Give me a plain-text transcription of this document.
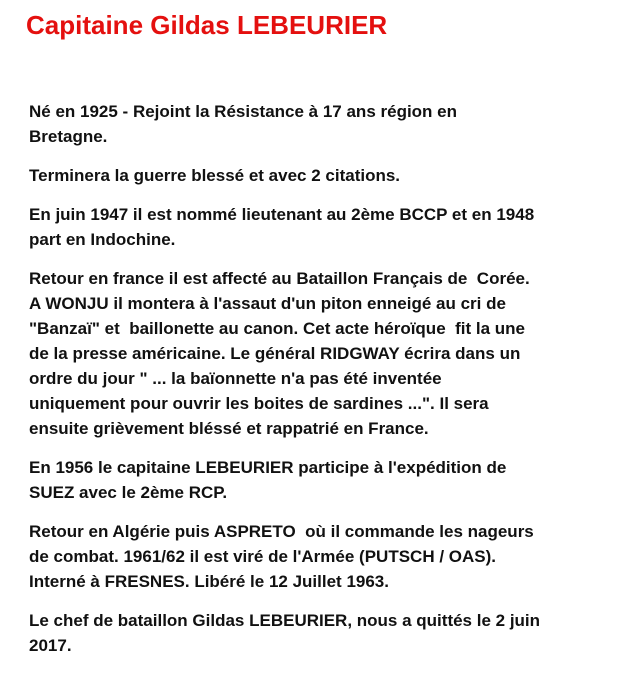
Capitaine Gildas LEBEURIER

Né en 1925 - Rejoint la Résistance à 17 ans région en
Bretagne.

Terminera la guerre blessé et avec 2 citations.

En juin 1947 il est nommé lieutenant au 2ème BCCP et en 1948
part en Indochine.

Retour en france il est affecté au Bataillon Français de  Corée.
A WONJU il montera à l'assaut d'un piton enneigé au cri de
"Banzaï" et  baillonette au canon. Cet acte héroïque  fit la une
de la presse américaine. Le général RIDGWAY écrira dans un
ordre du jour " ... la baïonnette n'a pas été inventée
uniquement pour ouvrir les boites de sardines ...". Il sera
ensuite grièvement bléssé et rappatrié en France.

En 1956 le capitaine LEBEURIER participe à l'expédition de
SUEZ avec le 2ème RCP.

Retour en Algérie puis ASPRETO  où il commande les nageurs
de combat. 1961/62 il est viré de l'Armée (PUTSCH / OAS).
Interné à FRESNES. Libéré le 12 Juillet 1963.

Le chef de bataillon Gildas LEBEURIER, nous a quittés le 2 juin
2017.
